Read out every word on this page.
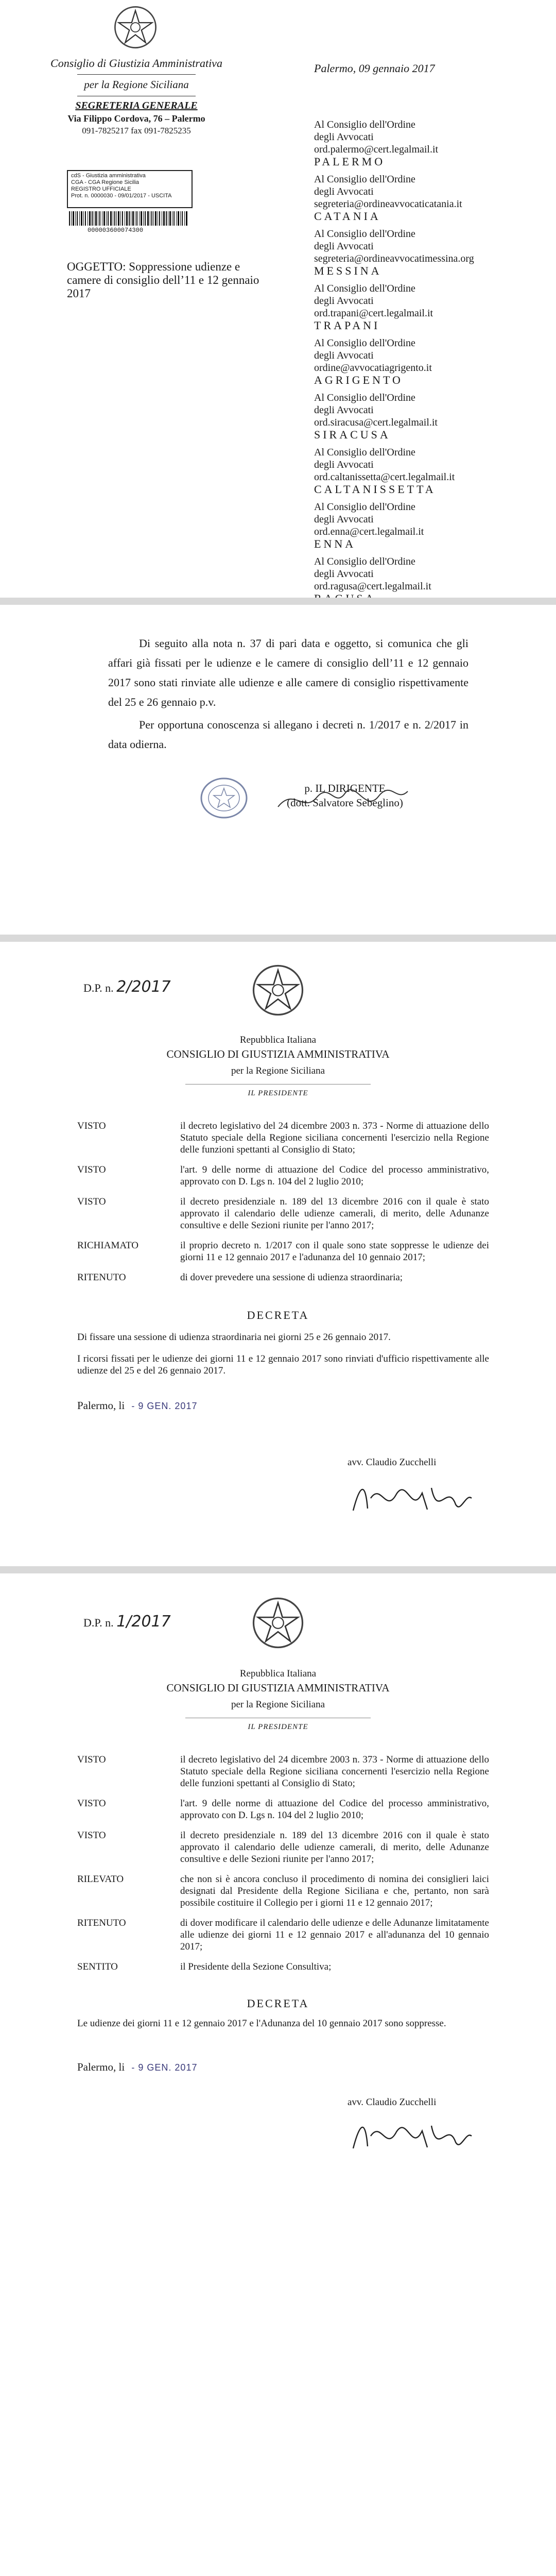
Consiglio di Giustizia Amministrativa
per la Regione Siciliana
SEGRETERIA GENERALE
Via Filippo Cordova, 76 – Palermo
091-7825217 fax 091-7825235
cdS - Giustizia amministrativa
CGA - CGA Regione Sicilia
REGISTRO UFFICIALE
Prot. n. 0000030 - 09/01/2017 - USCITA
000003600074300
OGGETTO: Soppressione udienze e camere di consiglio dell’11 e 12 gennaio 2017
Palermo, 09 gennaio 2017
Al Consiglio dell'Ordine
degli Avvocati
ord.palermo@cert.legalmail.it
PALERMO
Al Consiglio dell'Ordine
degli Avvocati
segreteria@ordineavvocaticatania.it
CATANIA
Al Consiglio dell'Ordine
degli Avvocati
segreteria@ordineavvocatimessina.org
MESSINA
Al Consiglio dell'Ordine
degli Avvocati
ord.trapani@cert.legalmail.it
TRAPANI
Al Consiglio dell'Ordine
degli Avvocati
ordine@avvocatiagrigento.it
AGRIGENTO
Al Consiglio dell'Ordine
degli Avvocati
ord.siracusa@cert.legalmail.it
SIRACUSA
Al Consiglio dell'Ordine
degli Avvocati
ord.caltanissetta@cert.legalmail.it
CALTANISSETTA
Al Consiglio dell'Ordine
degli Avvocati
ord.enna@cert.legalmail.it
ENNA
Al Consiglio dell'Ordine
degli Avvocati
ord.ragusa@cert.legalmail.it
Di seguito alla nota n. 37 di pari data e oggetto, si comunica che gli affari già fissati per le udienze e le camere di consiglio dell’11 e 12 gennaio 2017 sono stati rinviate alle udienze e alle camere di consiglio rispettivamente del 25 e 26 gennaio p.v.
Per opportuna conoscenza si allegano i decreti n. 1/2017 e n. 2/2017 in data odierna.
p. IL DIRIGENTE
(dott. Salvatore Sebeglino)
D.P. n. 2/2017
Repubblica Italiana
CONSIGLIO DI GIUSTIZIA AMMINISTRATIVA
per la Regione Siciliana
IL PRESIDENTE
VISTO	il decreto legislativo del 24 dicembre 2003 n. 373 - Norme di attuazione dello Statuto speciale della Regione siciliana concernenti l'esercizio nella Regione delle funzioni spettanti al Consiglio di Stato;
VISTO	l'art. 9 delle norme di attuazione del Codice del processo amministrativo, approvato con D. Lgs n. 104 del 2 luglio 2010;
VISTO	il decreto presidenziale n. 189 del 13 dicembre 2016 con il quale è stato approvato il calendario delle udienze camerali, di merito, delle Adunanze consultive e delle Sezioni riunite per l'anno 2017;
RICHIAMATO	il proprio decreto n. 1/2017 con il quale sono state soppresse le udienze dei giorni 11 e 12 gennaio 2017 e l'adunanza del 10 gennaio 2017;
RITENUTO	di dover prevedere una sessione di udienza straordinaria;
DECRETA
Di fissare una sessione di udienza straordinaria nei giorni 25 e 26 gennaio 2017.
I ricorsi fissati per le udienze dei giorni 11 e 12 gennaio 2017 sono rinviati d'ufficio rispettivamente alle udienze del 25 e del 26 gennaio 2017.
Palermo, li - 9 GEN. 2017
avv. Claudio Zucchelli
D.P. n. 1/2017
Repubblica Italiana
CONSIGLIO DI GIUSTIZIA AMMINISTRATIVA
per la Regione Siciliana
IL PRESIDENTE
VISTO	il decreto legislativo del 24 dicembre 2003 n. 373 - Norme di attuazione dello Statuto speciale della Regione siciliana concernenti l'esercizio nella Regione delle funzioni spettanti al Consiglio di Stato;
VISTO	l'art. 9 delle norme di attuazione del Codice del processo amministrativo, approvato con D. Lgs n. 104 del 2 luglio 2010;
VISTO	il decreto presidenziale n. 189 del 13 dicembre 2016 con il quale è stato approvato il calendario delle udienze camerali, di merito, delle Adunanze consultive e delle Sezioni riunite per l'anno 2017;
RILEVATO	che non si è ancora concluso il procedimento di nomina dei consiglieri laici designati dal Presidente della Regione Siciliana e che, pertanto, non sarà possibile costituire il Collegio per i giorni 11 e 12 gennaio 2017;
RITENUTO	di dover modificare il calendario delle udienze e delle Adunanze limitatamente alle udienze dei giorni 11 e 12 gennaio 2017 e all'adunanza del 10 gennaio 2017;
SENTITO	il Presidente della Sezione Consultiva;
DECRETA
Le udienze dei giorni 11 e 12 gennaio 2017 e l'Adunanza del 10 gennaio 2017 sono soppresse.
Palermo, li - 9 GEN. 2017
avv. Claudio Zucchelli
